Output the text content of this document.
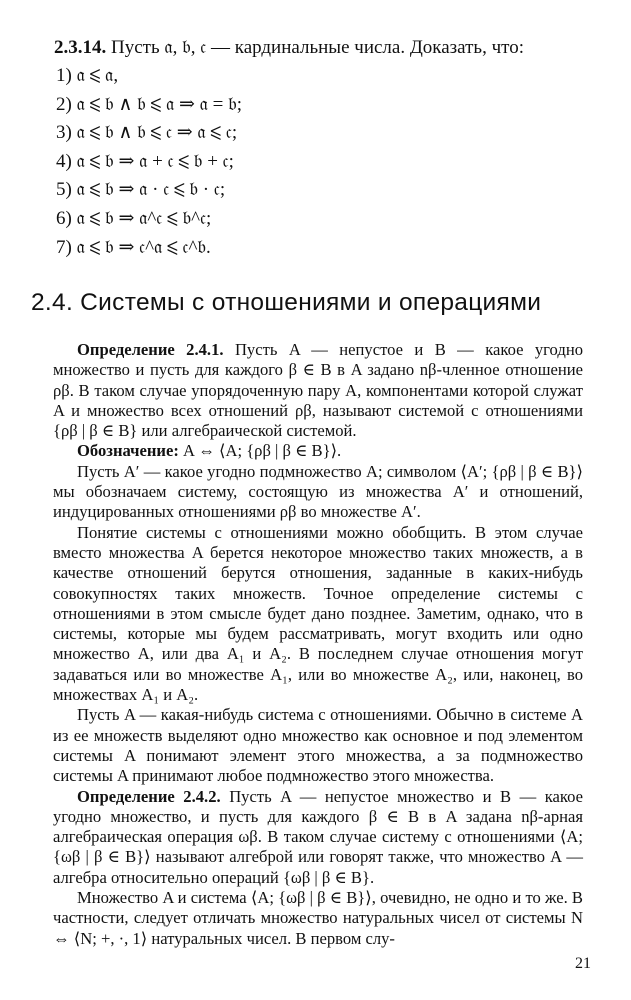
2.3.14. Пусть 𝔞, 𝔟, 𝔠 — кардинальные числа. Доказать, что:
1) 𝔞 ⩽ 𝔞,
2) 𝔞 ⩽ 𝔟 ∧ 𝔟 ⩽ 𝔞 ⇒ 𝔞 = 𝔟;
3) 𝔞 ⩽ 𝔟 ∧ 𝔟 ⩽ 𝔠 ⇒ 𝔞 ⩽ 𝔠;
4) 𝔞 ⩽ 𝔟 ⇒ 𝔞 + 𝔠 ⩽ 𝔟 + 𝔠;
5) 𝔞 ⩽ 𝔟 ⇒ 𝔞 · 𝔠 ⩽ 𝔟 · 𝔠;
6) 𝔞 ⩽ 𝔟 ⇒ 𝔞^𝔠 ⩽ 𝔟^𝔠;
7) 𝔞 ⩽ 𝔟 ⇒ 𝔠^𝔞 ⩽ 𝔠^𝔟.
2.4. Системы с отношениями и операциями

Определение 2.4.1. Пусть A — непустое и B — какое угодно множество и пусть для каждого β ∈ B в A задано nβ-членное отношение ρβ. В таком случае упорядоченную пару A, компонентами которой служат A и множество всех отношений ρβ, называют системой с отношениями {ρβ | β ∈ B} или алгебраической системой.

Обозначение: A ⇔ ⟨A; {ρβ | β ∈ B}⟩.

Пусть A′ — какое угодно подмножество A; символом ⟨A′; {ρβ | β ∈ B}⟩ мы обозначаем систему, состоящую из множества A′ и отношений, индуцированных отношениями ρβ во множестве A′.

Понятие системы с отношениями можно обобщить. В этом случае вместо множества A берется некоторое множество таких множеств, а в качестве отношений берутся отношения, заданные в каких-нибудь совокупностях таких множеств. Точное определение системы с отношениями в этом смысле будет дано позднее. Заметим, однако, что в системы, которые мы будем рассматривать, могут входить или одно множество A, или два A₁ и A₂. В последнем случае отношения могут задаваться или во множестве A₁, или во множестве A₂, или, наконец, во множествах A₁ и A₂.

Пусть A — какая-нибудь система с отношениями. Обычно в системе A из ее множеств выделяют одно множество как основное и под элементом системы A понимают элемент этого множества, а за подмножество системы A принимают любое подмножество этого множества.

Определение 2.4.2. Пусть A — непустое множество и B — какое угодно множество, и пусть для каждого β ∈ B в A задана nβ-арная алгебраическая операция ωβ. В таком случае систему с отношениями ⟨A; {ωβ | β ∈ B}⟩ называют алгеброй или говорят также, что множество A — алгебра относительно операций {ωβ | β ∈ B}.

Множество A и система ⟨A; {ωβ | β ∈ B}⟩, очевидно, не одно и то же. В частности, следует отличать множество натуральных чисел от системы N ⇔ ⟨N; +, ·, 1⟩ натуральных чисел. В первом слу-

21
